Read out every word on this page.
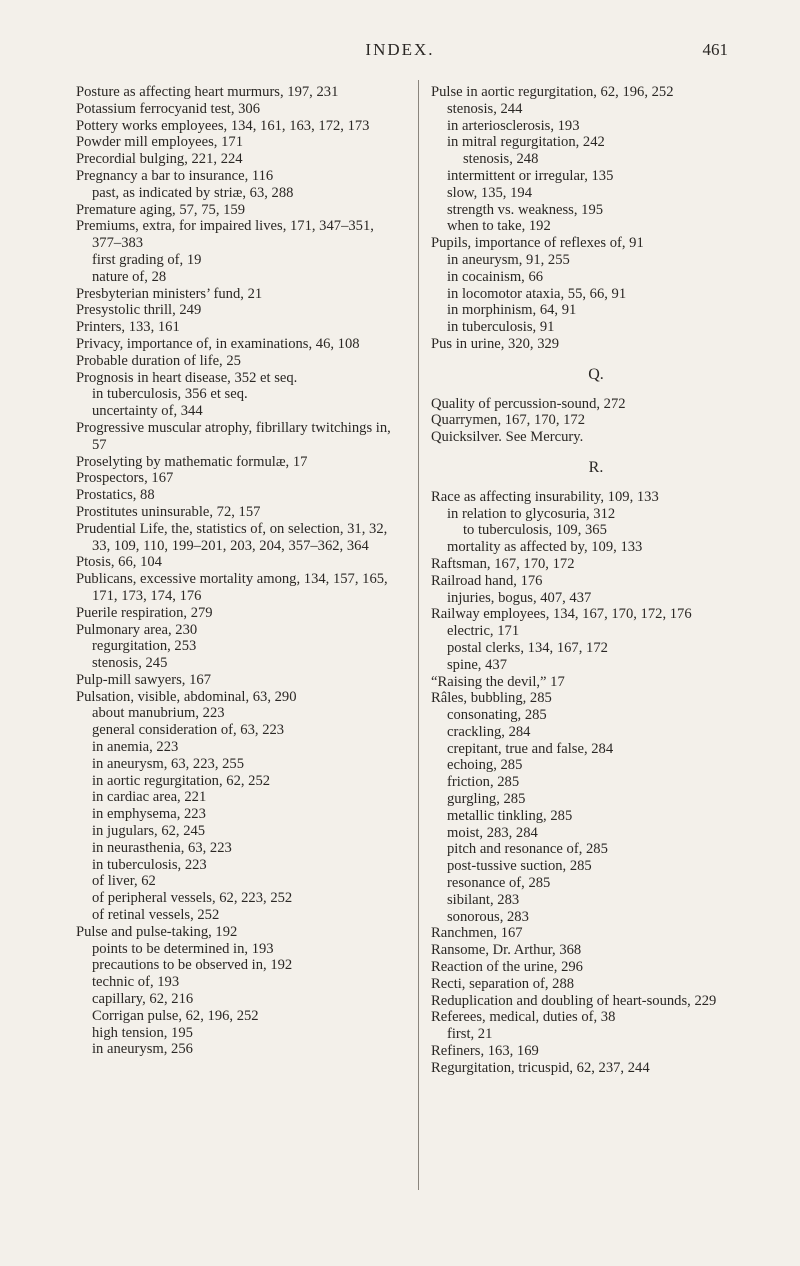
INDEX.	461
Posture as affecting heart murmurs, 197, 231
Potassium ferrocyanid test, 306
Pottery works employees, 134, 161, 163, 172, 173
Powder mill employees, 171
Precordial bulging, 221, 224
Pregnancy a bar to insurance, 116
past, as indicated by striæ, 63, 288
Premature aging, 57, 75, 159
Premiums, extra, for impaired lives, 171, 347–351, 377–383
first grading of, 19
nature of, 28
Presbyterian ministers’ fund, 21
Presystolic thrill, 249
Printers, 133, 161
Privacy, importance of, in examinations, 46, 108
Probable duration of life, 25
Prognosis in heart disease, 352 et seq.
in tuberculosis, 356 et seq.
uncertainty of, 344
Progressive muscular atrophy, fibrillary twitchings in, 57
Proselyting by mathematic formulæ, 17
Prospectors, 167
Prostatics, 88
Prostitutes uninsurable, 72, 157
Prudential Life, the, statistics of, on selection, 31, 32, 33, 109, 110, 199–201, 203, 204, 357–362, 364
Ptosis, 66, 104
Publicans, excessive mortality among, 134, 157, 165, 171, 173, 174, 176
Puerile respiration, 279
Pulmonary area, 230
regurgitation, 253
stenosis, 245
Pulp-mill sawyers, 167
Pulsation, visible, abdominal, 63, 290
about manubrium, 223
general consideration of, 63, 223
in anemia, 223
in aneurysm, 63, 223, 255
in aortic regurgitation, 62, 252
in cardiac area, 221
in emphysema, 223
in jugulars, 62, 245
in neurasthenia, 63, 223
in tuberculosis, 223
of liver, 62
of peripheral vessels, 62, 223, 252
of retinal vessels, 252
Pulse and pulse-taking, 192
points to be determined in, 193
precautions to be observed in, 192
technic of, 193
capillary, 62, 216
Corrigan pulse, 62, 196, 252
high tension, 195
in aneurysm, 256
Pulse in aortic regurgitation, 62, 196, 252
stenosis, 244
in arteriosclerosis, 193
in mitral regurgitation, 242
stenosis, 248
intermittent or irregular, 135
slow, 135, 194
strength vs. weakness, 195
when to take, 192
Pupils, importance of reflexes of, 91
in aneurysm, 91, 255
in cocainism, 66
in locomotor ataxia, 55, 66, 91
in morphinism, 64, 91
in tuberculosis, 91
Pus in urine, 320, 329
Q.
Quality of percussion-sound, 272
Quarrymen, 167, 170, 172
Quicksilver. See Mercury.
R.
Race as affecting insurability, 109, 133
in relation to glycosuria, 312
to tuberculosis, 109, 365
mortality as affected by, 109, 133
Raftsman, 167, 170, 172
Railroad hand, 176
injuries, bogus, 407, 437
Railway employees, 134, 167, 170, 172, 176
electric, 171
postal clerks, 134, 167, 172
spine, 437
“Raising the devil,” 17
Râles, bubbling, 285
consonating, 285
crackling, 284
crepitant, true and false, 284
echoing, 285
friction, 285
gurgling, 285
metallic tinkling, 285
moist, 283, 284
pitch and resonance of, 285
post-tussive suction, 285
resonance of, 285
sibilant, 283
sonorous, 283
Ranchmen, 167
Ransome, Dr. Arthur, 368
Reaction of the urine, 296
Recti, separation of, 288
Reduplication and doubling of heart-sounds, 229
Referees, medical, duties of, 38
first, 21
Refiners, 163, 169
Regurgitation, tricuspid, 62, 237, 244
